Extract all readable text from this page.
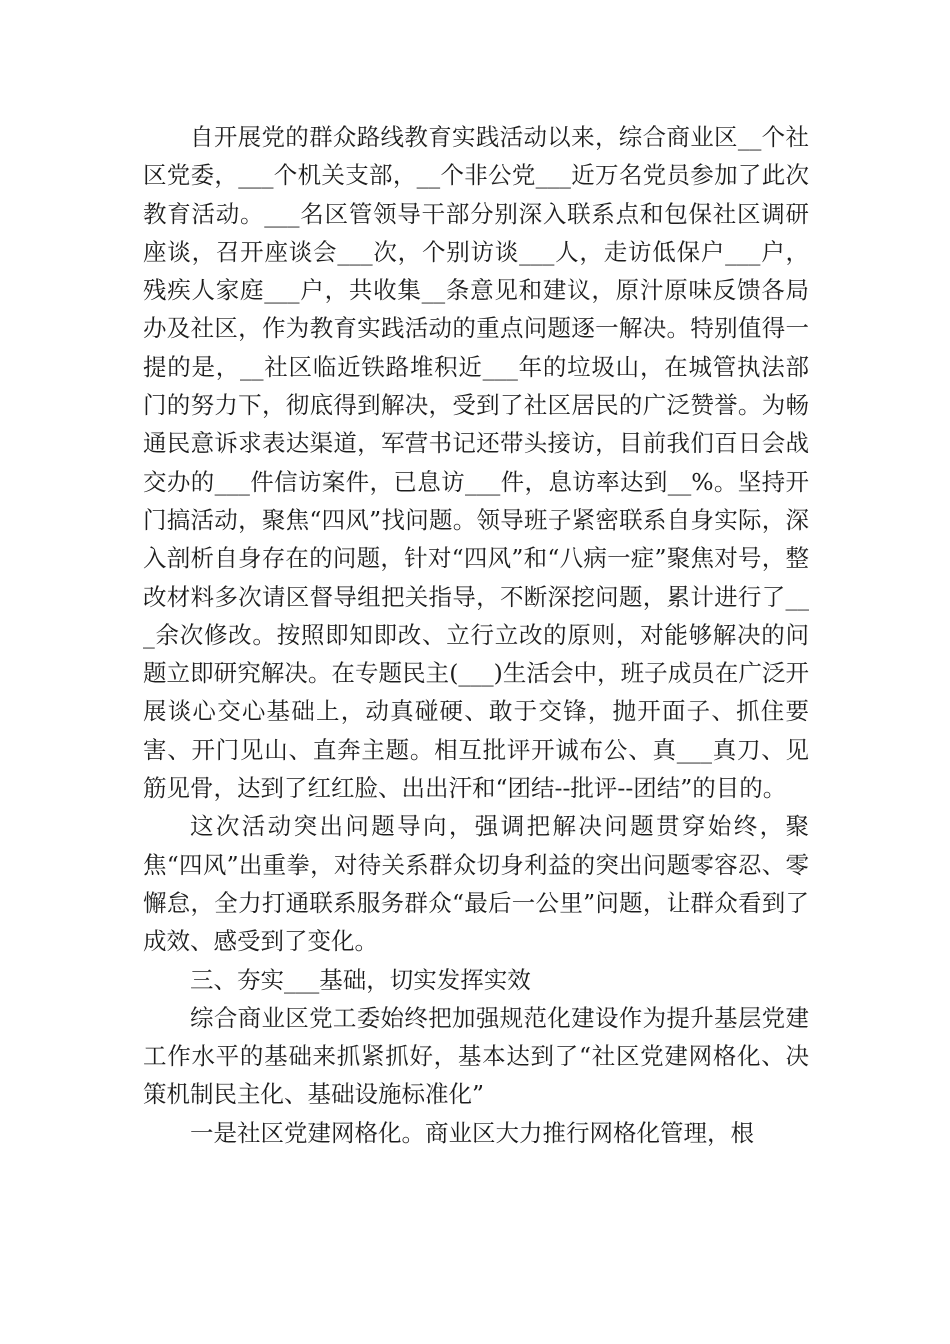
自开展党的群众路线教育实践活动以来，综合商业区__个社区党委，___个机关支部，__个非公党___近万名党员参加了此次教育活动。___名区管领导干部分别深入联系点和包保社区调研座谈，召开座谈会___次，个别访谈___人，走访低保户___户，残疾人家庭___户，共收集__条意见和建议，原汁原味反馈各局办及社区，作为教育实践活动的重点问题逐一解决。特别值得一提的是，__社区临近铁路堆积近___年的垃圾山，在城管执法部门的努力下，彻底得到解决，受到了社区居民的广泛赞誉。为畅通民意诉求表达渠道，军营书记还带头接访，目前我们百日会战交办的___件信访案件，已息访___件，息访率达到__%。坚持开门搞活动，聚焦“四风”找问题。领导班子紧密联系自身实际，深入剖析自身存在的问题，针对“四风”和“八病一症”聚焦对号，整改材料多次请区督导组把关指导，不断深挖问题，累计进行了___余次修改。按照即知即改、立行立改的原则，对能够解决的问题立即研究解决。在专题民主(___)生活会中，班子成员在广泛开展谈心交心基础上，动真碰硬、敢于交锋，抛开面子、抓住要害、开门见山、直奔主题。相互批评开诚布公、真___真刀、见筋见骨，达到了红红脸、出出汗和“团结--批评--团结”的目的。

这次活动突出问题导向，强调把解决问题贯穿始终，聚焦“四风”出重拳，对待关系群众切身利益的突出问题零容忍、零懈怠，全力打通联系服务群众“最后一公里”问题，让群众看到了成效、感受到了变化。

三、夯实___基础，切实发挥实效

综合商业区党工委始终把加强规范化建设作为提升基层党建工作水平的基础来抓紧抓好，基本达到了“社区党建网格化、决策机制民主化、基础设施标准化”

一是社区党建网格化。商业区大力推行网格化管理，根
